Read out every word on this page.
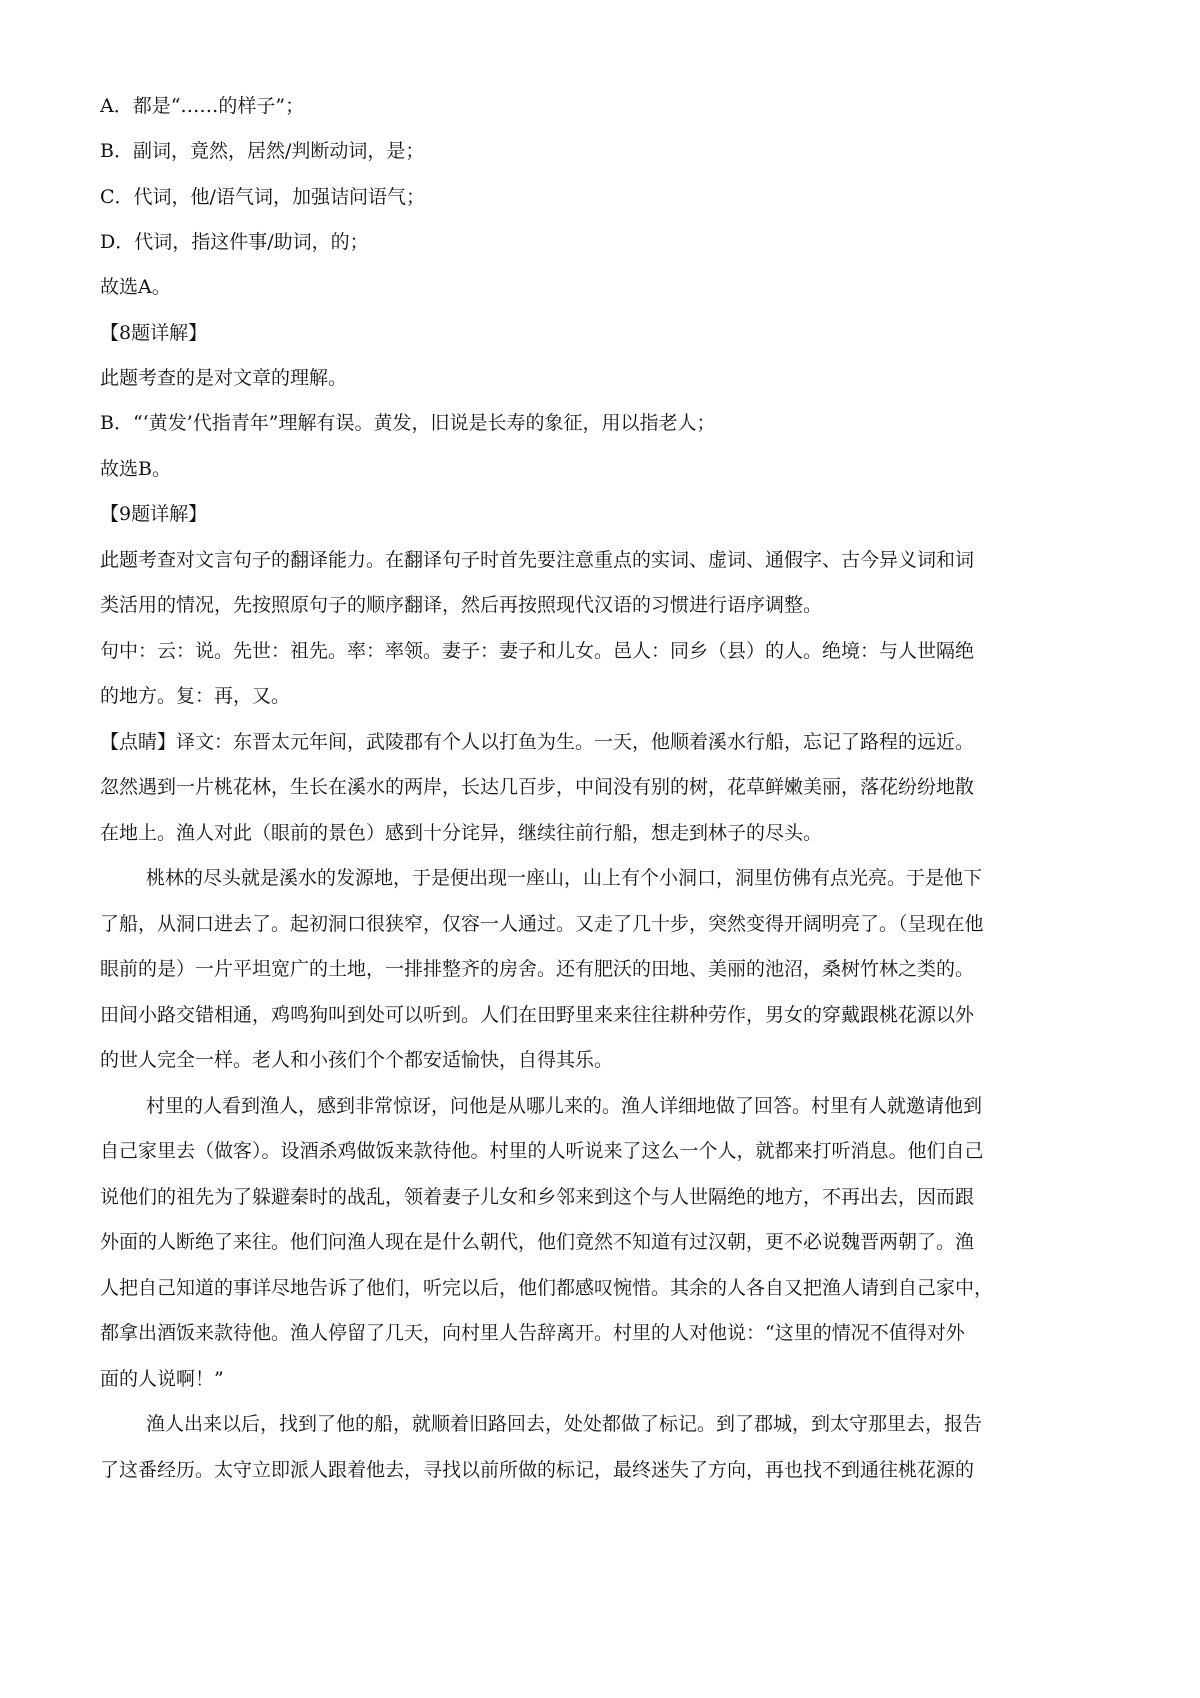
A．都是“……的样子”；
B．副词，竟然，居然/判断动词，是；
C．代词，他/语气词，加强诘问语气；
D．代词，指这件事/助词，的；
故选A。
【8题详解】
此题考查的是对文章的理解。
B．“‘黄发’代指青年”理解有误。黄发，旧说是长寿的象征，用以指老人；
故选B。
【9题详解】
此题考查对文言句子的翻译能力。在翻译句子时首先要注意重点的实词、虚词、通假字、古今异义词和词
类活用的情况，先按照原句子的顺序翻译，然后再按照现代汉语的习惯进行语序调整。
句中：云：说。先世：祖先。率：率领。妻子：妻子和儿女。邑人：同乡（县）的人。绝境：与人世隔绝
的地方。复：再，又。
【点睛】译文：东晋太元年间，武陵郡有个人以打鱼为生。一天，他顺着溪水行船，忘记了路程的远近。
忽然遇到一片桃花林，生长在溪水的两岸，长达几百步，中间没有别的树，花草鲜嫩美丽，落花纷纷地散
在地上。渔人对此（眼前的景色）感到十分诧异，继续往前行船，想走到林子的尽头。
桃林的尽头就是溪水的发源地，于是便出现一座山，山上有个小洞口，洞里仿佛有点光亮。于是他下
了船，从洞口进去了。起初洞口很狭窄，仅容一人通过。又走了几十步，突然变得开阔明亮了。（呈现在他
眼前的是）一片平坦宽广的土地，一排排整齐的房舍。还有肥沃的田地、美丽的池沼，桑树竹林之类的。
田间小路交错相通，鸡鸣狗叫到处可以听到。人们在田野里来来往往耕种劳作，男女的穿戴跟桃花源以外
的世人完全一样。老人和小孩们个个都安适愉快，自得其乐。
村里的人看到渔人，感到非常惊讶，问他是从哪儿来的。渔人详细地做了回答。村里有人就邀请他到
自己家里去（做客）。设酒杀鸡做饭来款待他。村里的人听说来了这么一个人，就都来打听消息。他们自己
说他们的祖先为了躲避秦时的战乱，领着妻子儿女和乡邻来到这个与人世隔绝的地方，不再出去，因而跟
外面的人断绝了来往。他们问渔人现在是什么朝代，他们竟然不知道有过汉朝，更不必说魏晋两朝了。渔
人把自己知道的事详尽地告诉了他们，听完以后，他们都感叹惋惜。其余的人各自又把渔人请到自己家中，
都拿出酒饭来款待他。渔人停留了几天，向村里人告辞离开。村里的人对他说：“这里的情况不值得对外
面的人说啊！”
渔人出来以后，找到了他的船，就顺着旧路回去，处处都做了标记。到了郡城，到太守那里去，报告
了这番经历。太守立即派人跟着他去，寻找以前所做的标记，最终迷失了方向，再也找不到通往桃花源的
